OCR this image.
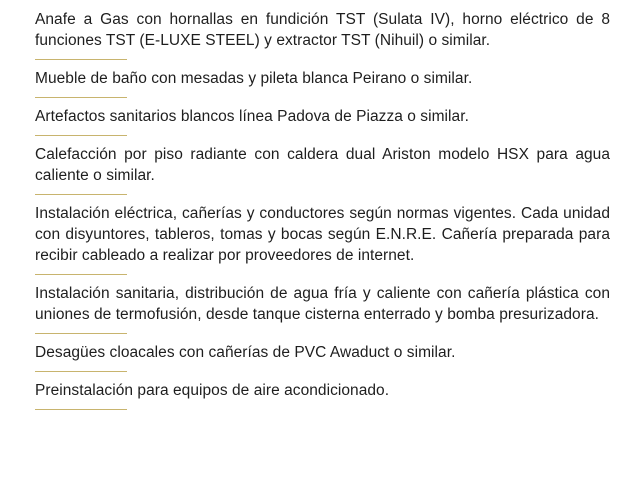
Anafe a Gas con hornallas en fundición TST (Sulata IV), horno eléctrico de 8 funciones TST (E-LUXE STEEL) y extractor TST (Nihuil) o similar.

Mueble de baño con mesadas y pileta blanca Peirano o similar.

Artefactos sanitarios blancos línea Padova de Piazza o similar.

Calefacción por piso radiante con caldera dual Ariston modelo HSX para agua caliente o similar.

Instalación eléctrica, cañerías y conductores según normas vigentes. Cada unidad con disyuntores, tableros, tomas y bocas según E.N.R.E. Cañería preparada para recibir cableado a realizar por proveedores de internet.

Instalación sanitaria, distribución de agua fría y caliente con cañería plástica con uniones de termofusión, desde tanque cisterna enterrado y bomba presurizadora.

Desagües cloacales con cañerías de PVC Awaduct o similar.

Preinstalación para equipos de aire acondicionado.
